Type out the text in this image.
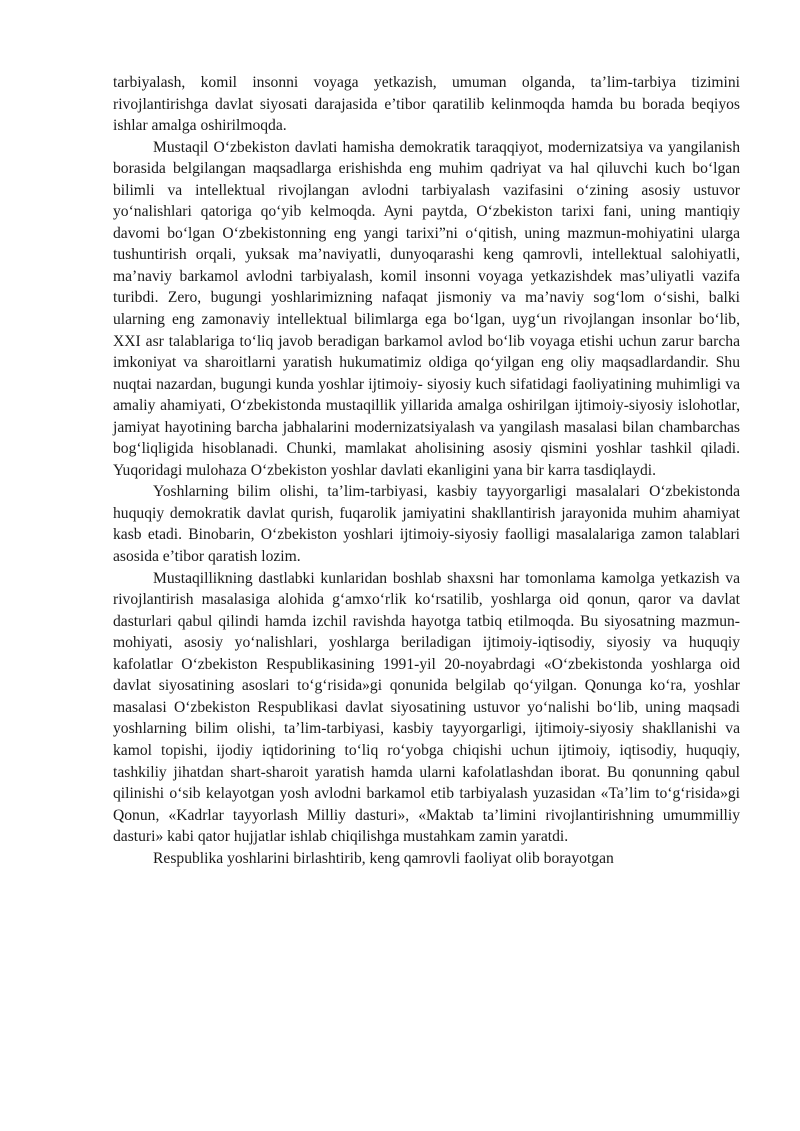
tarbiyalash, komil insonni voyaga yetkazish, umuman olganda, ta’lim-tarbiya tizimini rivojlantirishga davlat siyosati darajasida e’tibor qaratilib kelinmoqda hamda bu borada beqiyos ishlar amalga oshirilmoqda.

Mustaqil O‘zbekiston davlati hamisha demokratik taraqqiyot, modernizatsiya va yangilanish borasida belgilangan maqsadlarga erishishda eng muhim qadriyat va hal qiluvchi kuch bo‘lgan bilimli va intellektual rivojlangan avlodni tarbiyalash vazifasini o‘zining asosiy ustuvor yo‘nalishlari qatoriga qo‘yib kelmoqda. Ayni paytda, O‘zbekiston tarixi fani, uning mantiqiy davomi bo‘lgan O‘zbekistonning eng yangi tarixi”ni o‘qitish, uning mazmun-mohiyatini ularga tushuntirish orqali, yuksak ma’naviyatli, dunyoqarashi keng qamrovli, intellektual salohiyatli, ma’naviy barkamol avlodni tarbiyalash, komil insonni voyaga yetkazishdek mas’uliyatli vazifa turibdi. Zero, bugungi yoshlarimizning nafaqat jismoniy va ma’naviy sog‘lom o‘sishi, balki ularning eng zamonaviy intellektual bilimlarga ega bo‘lgan, uyg‘un rivojlangan insonlar bo‘lib, XXI asr talablariga to‘liq javob beradigan barkamol avlod bo‘lib voyaga etishi uchun zarur barcha imkoniyat va sharoitlarni yaratish hukumatimiz oldiga qo‘yilgan eng oliy maqsadlardandir. Shu nuqtai nazardan, bugungi kunda yoshlar ijtimoiy- siyosiy kuch sifatidagi faoliyatining muhimligi va amaliy ahamiyati, O‘zbekistonda mustaqillik yillarida amalga oshirilgan ijtimoiy-siyosiy islohotlar, jamiyat hayotining barcha jabhalarini modernizatsiyalash va yangilash masalasi bilan chambarchas bog‘liqligida hisoblanadi. Chunki, mamlakat aholisining asosiy qismini yoshlar tashkil qiladi. Yuqoridagi mulohaza O‘zbekiston yoshlar davlati ekanligini yana bir karra tasdiqlaydi.

Yoshlarning bilim olishi, ta’lim-tarbiyasi, kasbiy tayyorgarligi masalalari O‘zbekistonda huquqiy demokratik davlat qurish, fuqarolik jamiyatini shakllantirish jarayonida muhim ahamiyat kasb etadi. Binobarin, O‘zbekiston yoshlari ijtimoiy-siyosiy faolligi masalalariga zamon talablari asosida e’tibor qaratish lozim.

Mustaqillikning dastlabki kunlaridan boshlab shaxsni har tomonlama kamolga yetkazish va rivojlantirish masalasiga alohida g‘amxo‘rlik ko‘rsatilib, yoshlarga oid qonun, qaror va davlat dasturlari qabul qilindi hamda izchil ravishda hayotga tatbiq etilmoqda. Bu siyosatning mazmun-mohiyati, asosiy yo‘nalishlari, yoshlarga beriladigan ijtimoiy-iqtisodiy, siyosiy va huquqiy kafolatlar O‘zbekiston Respublikasining 1991-yil 20-noyabrdagi «O‘zbekistonda yoshlarga oid davlat siyosatining asoslari to‘g‘risida»gi qonunida belgilab qo‘yilgan. Qonunga ko‘ra, yoshlar masalasi O‘zbekiston Respublikasi davlat siyosatining ustuvor yo‘nalishi bo‘lib, uning maqsadi yoshlarning bilim olishi, ta’lim-tarbiyasi, kasbiy tayyorgarligi, ijtimoiy-siyosiy shakllanishi va kamol topishi, ijodiy iqtidorining to‘liq ro‘yobga chiqishi uchun ijtimoiy, iqtisodiy, huquqiy, tashkiliy jihatdan shart-sharoit yaratish hamda ularni kafolatlashdan iborat. Bu qonunning qabul qilinishi o‘sib kelayotgan yosh avlodni barkamol etib tarbiyalash yuzasidan «Ta’lim to‘g‘risida»gi Qonun, «Kadrlar tayyorlash Milliy dasturi», «Maktab ta’limini rivojlantirishning umummilliy dasturi» kabi qator hujjatlar ishlab chiqilishga mustahkam zamin yaratdi.

Respublika yoshlarini birlashtirib, keng qamrovli faoliyat olib borayotgan
